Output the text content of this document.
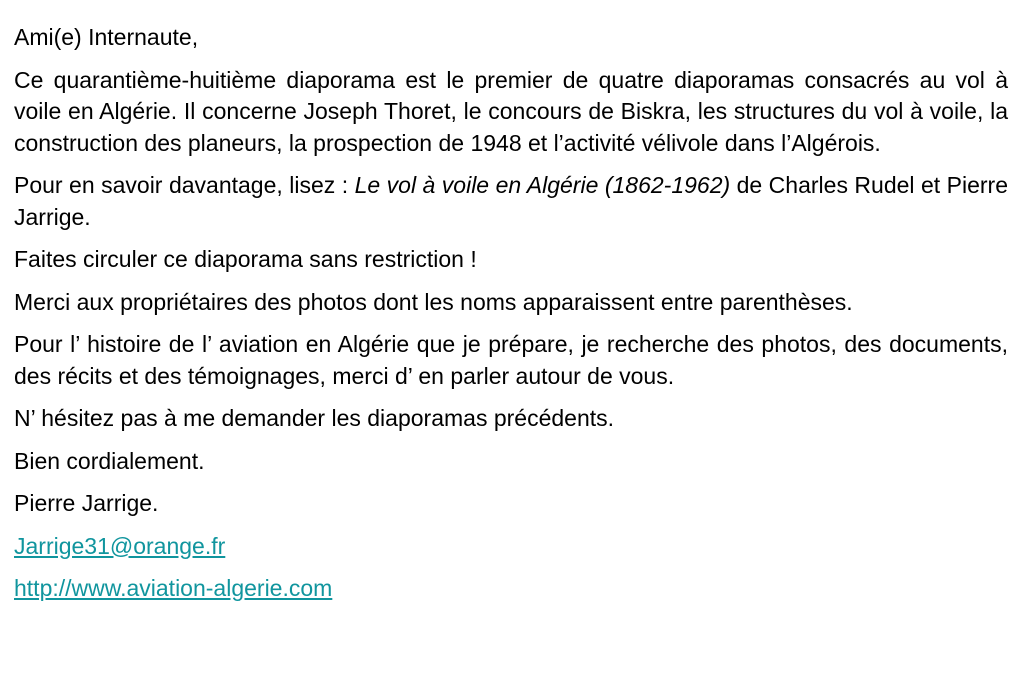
Ami(e) Internaute,

Ce quarantième-huitième diaporama est le premier de quatre diaporamas consacrés au vol à voile en Algérie. Il concerne Joseph Thoret, le concours de Biskra, les structures du vol à voile, la construction des planeurs, la prospection de 1948 et l’activité vélivole dans l’Algérois.

Pour en savoir davantage, lisez : Le vol à voile en Algérie (1862-1962) de Charles Rudel et Pierre Jarrige.

Faites circuler ce diaporama sans restriction !

Merci aux propriétaires des photos dont les noms apparaissent entre parenthèses.

Pour l’ histoire de l’ aviation en Algérie que je prépare, je recherche des photos, des documents, des récits et des témoignages, merci d’ en parler autour de vous.

N’ hésitez pas à me demander les diaporamas précédents.

Bien cordialement.

Pierre Jarrige.

Jarrige31@orange.fr

http://www.aviation-algerie.com
